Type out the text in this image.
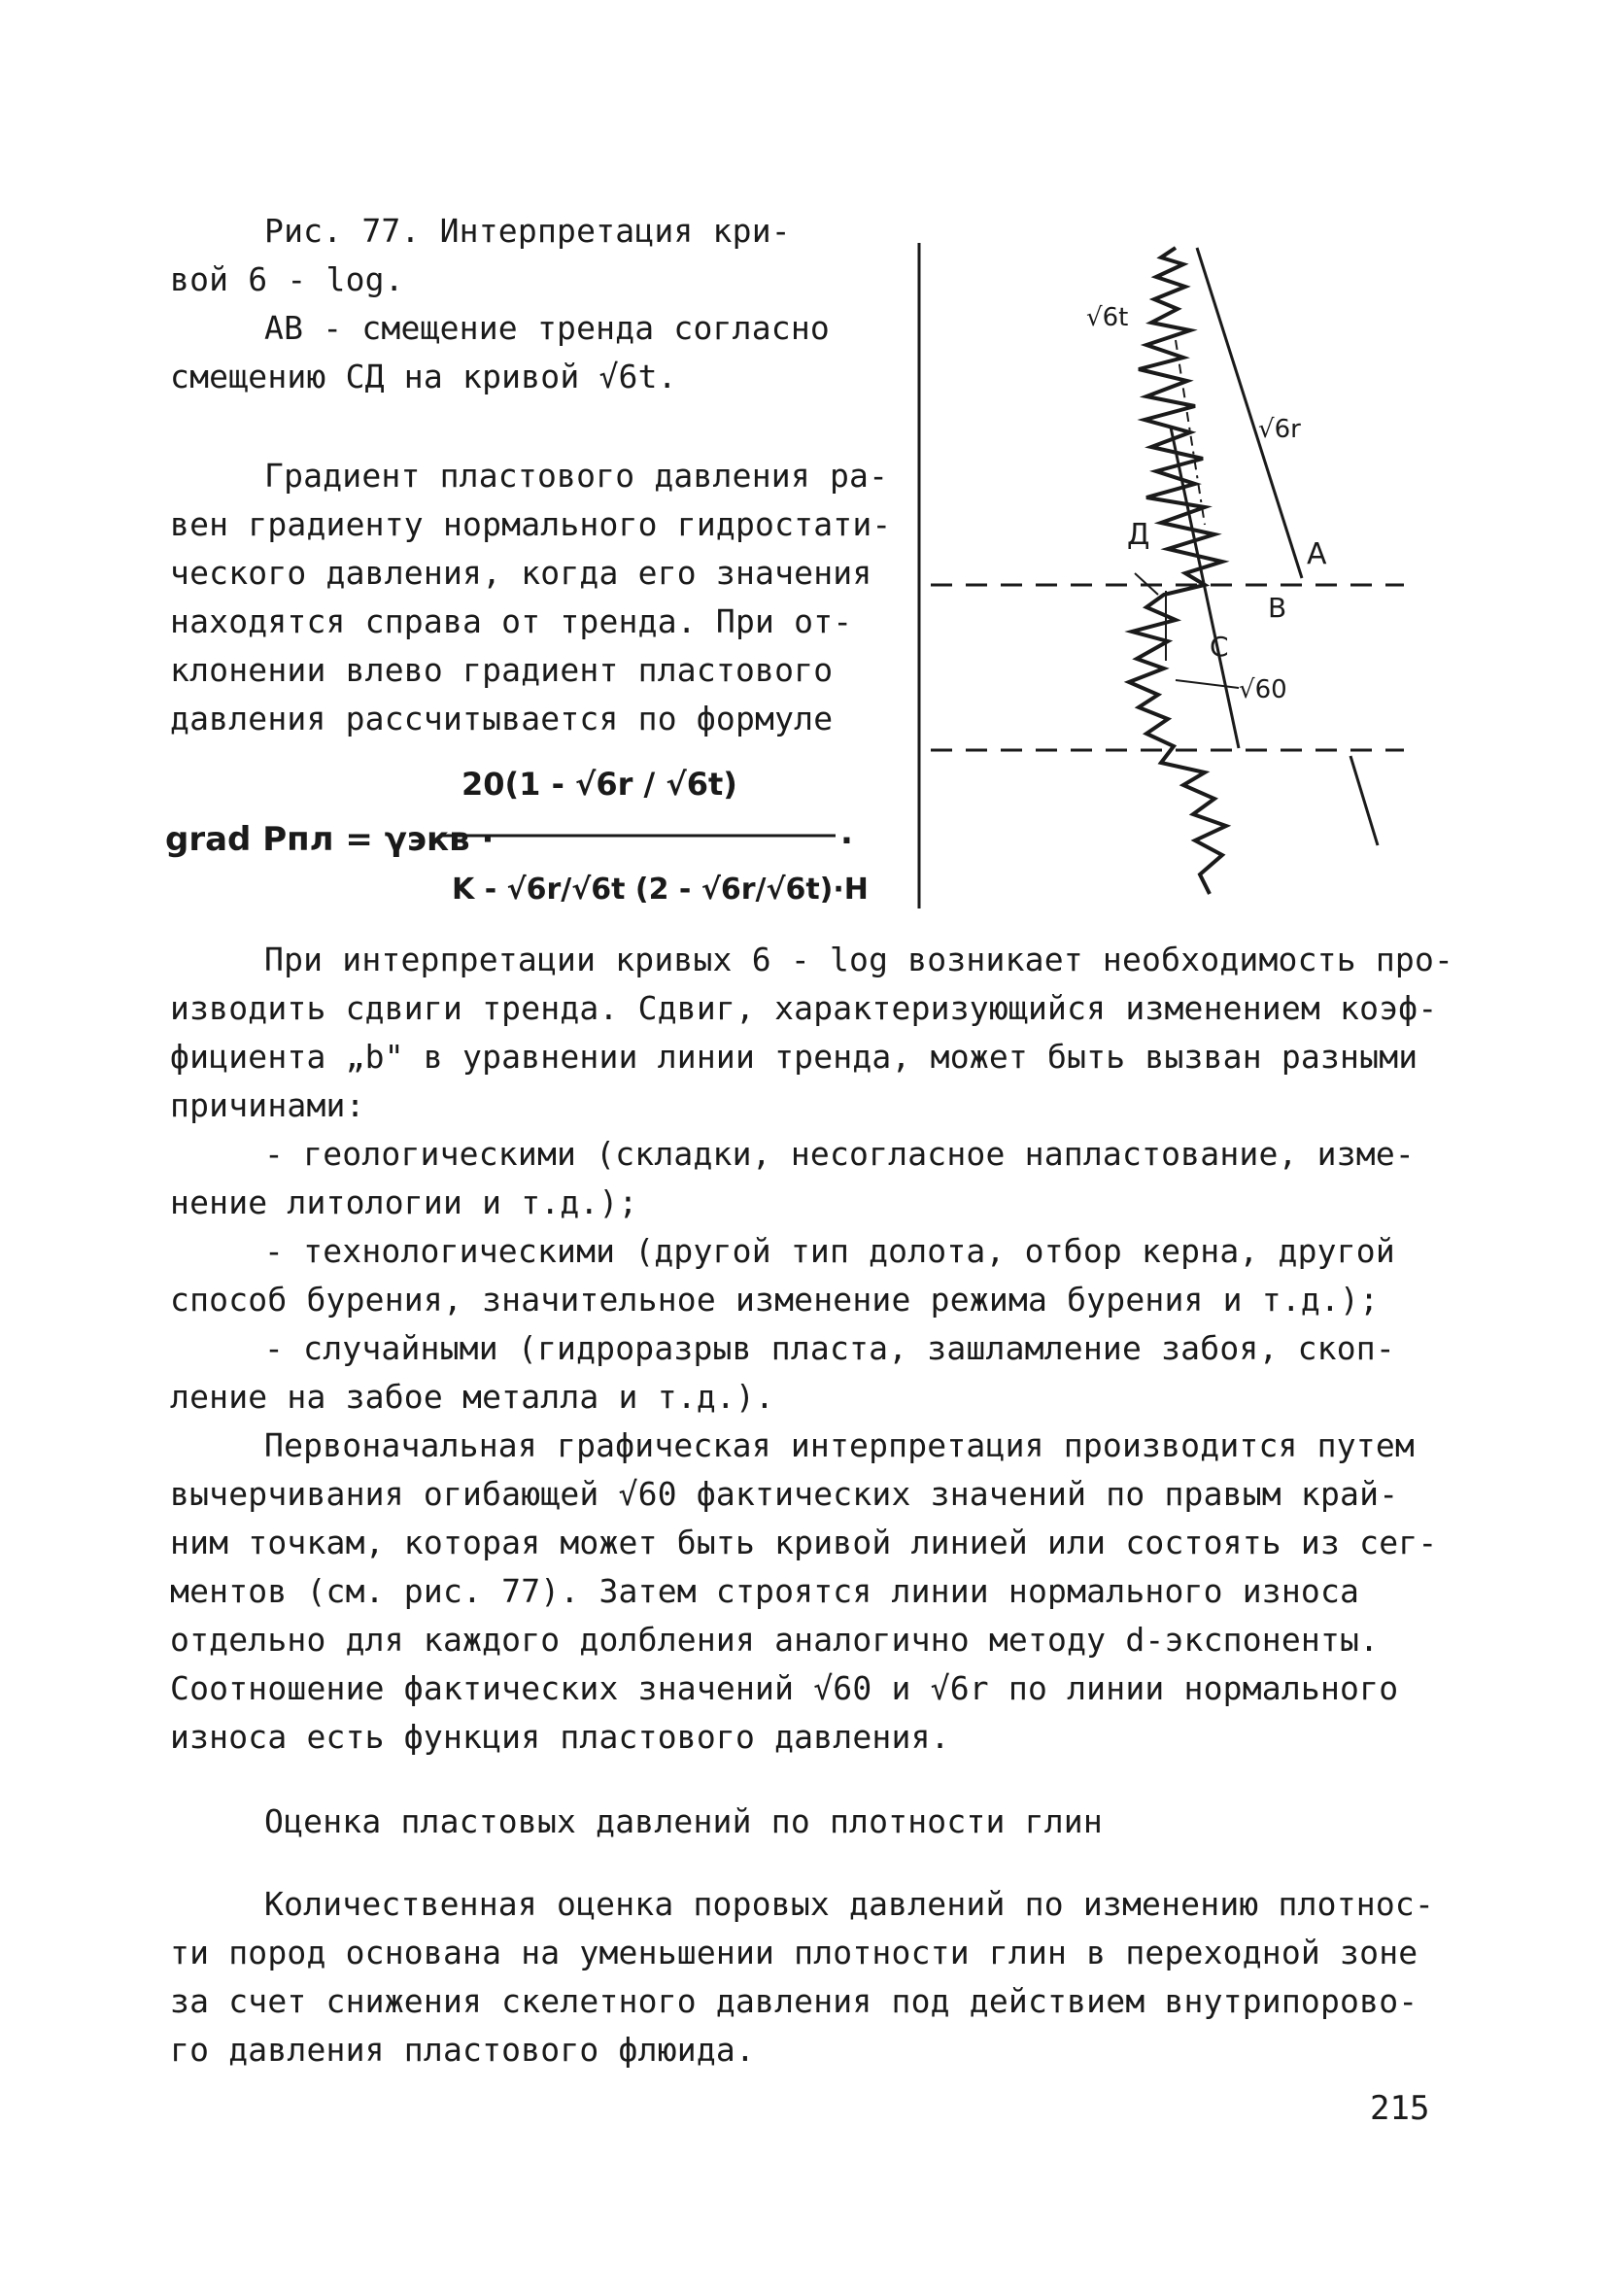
Рис. 77. Интерпретация кри-
вой 6 - log.
АВ - смещение тренда согласно
смещению СД на кривой √6t.
Градиент пластового давления ра-
вен градиенту нормального гидростати-
ческого давления, когда его значения
находятся справа от тренда. При от-
клонении влево градиент пластового
давления рассчитывается по формуле
grad Pпл = γэкв ·
20(1 - √6r / √6t)
K - √6r/√6t (2 - √6r/√6t)·H
.
√6t
√6r
√60
A
B
C
Д
При интерпретации кривых 6 - log возникает необходимость про-
изводить сдвиги тренда. Сдвиг, характеризующийся изменением коэф-
фициента „b" в уравнении линии тренда, может быть вызван разными
причинами:
- геологическими (складки, несогласное напластование, изме-
нение литологии и т.д.);
- технологическими (другой тип долота, отбор керна, другой
способ бурения, значительное изменение режима бурения и т.д.);
- случайными (гидроразрыв пласта, зашламление забоя, скоп-
ление на забое металла и т.д.).
Первоначальная графическая интерпретация производится путем
вычерчивания огибающей √60 фактических значений по правым край-
ним точкам, которая может быть кривой линией или состоять из сег-
ментов (см. рис. 77). Затем строятся линии нормального износа
отдельно для каждого долбления аналогично методу d-экспоненты.
Соотношение фактических значений √60 и √6r по линии нормального
износа есть функция пластового давления.
Оценка пластовых давлений по плотности глин
Количественная оценка поровых давлений по изменению плотнос-
ти пород основана на уменьшении плотности глин в переходной зоне
за счет снижения скелетного давления под действием внутрипорово-
го давления пластового флюида.
215
